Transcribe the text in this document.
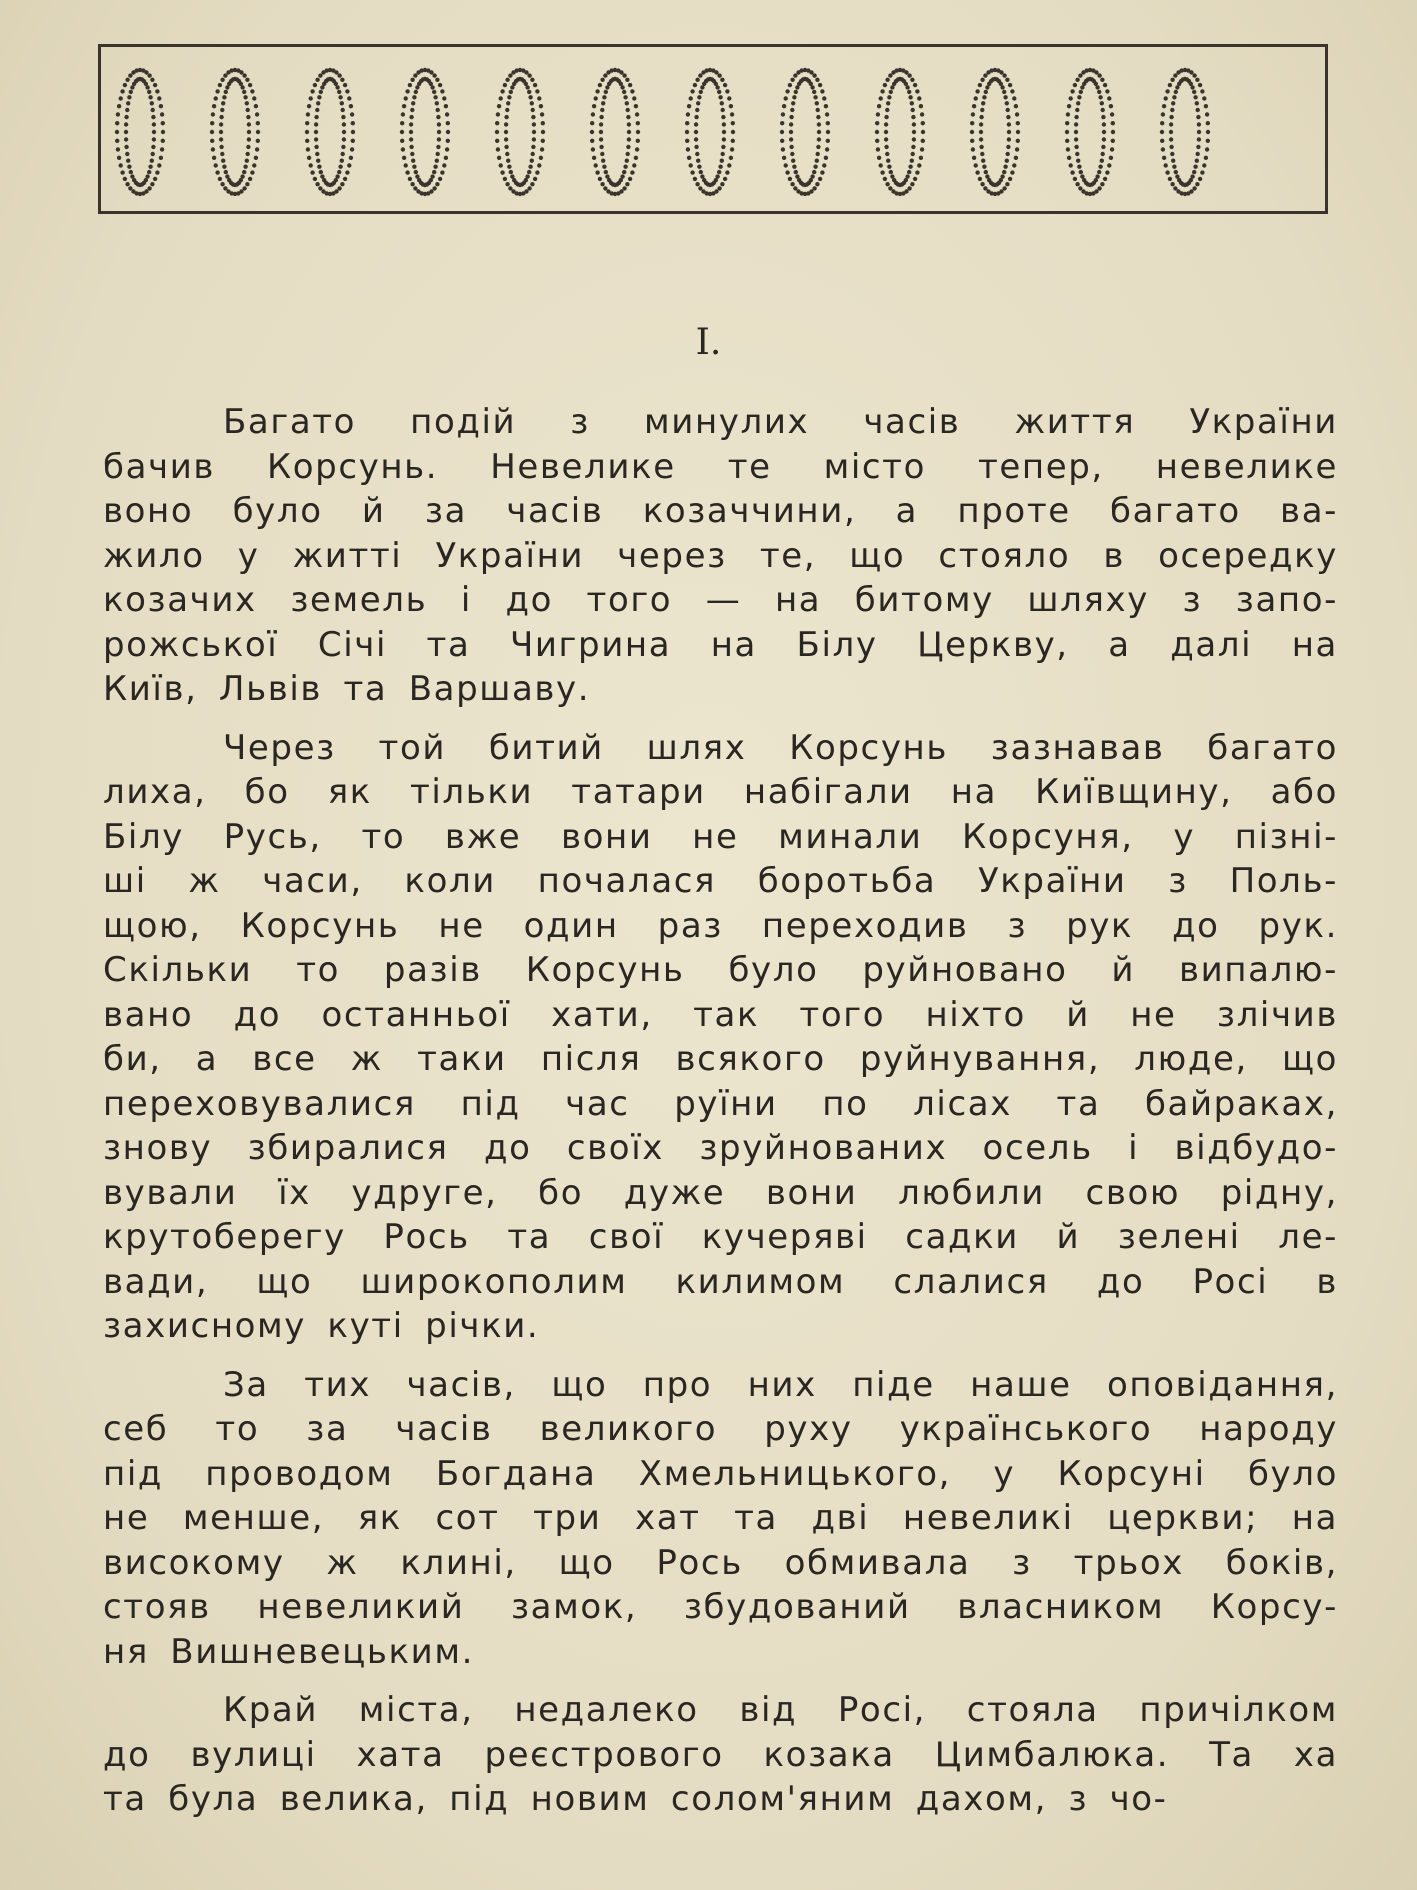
I.
Багато подій з минулих часів життя України
бачив Корсунь. Невелике те місто тепер, невелике
воно було й за часів козаччини, а проте багато ва-
жило у житті України через те, що стояло в осередку
козачих земель і до того — на битому шляху з запо-
рожської Січі та Чигрина на Білу Церкву, а далі на
Київ, Львів та Варшаву.
Через той битий шлях Корсунь зазнавав багато
лиха, бо як тільки татари набігали на Київщину, або
Білу Русь, то вже вони не минали Корсуня, у пізні-
ші ж часи, коли почалася боротьба України з Поль-
щою, Корсунь не один раз переходив з рук до рук.
Скільки то разів Корсунь було руйновано й випалю-
вано до останньої хати, так того ніхто й не злічив
би, а все ж таки після всякого руйнування, люде, що
переховувалися під час руїни по лісах та байраках,
знову збиралися до своїх зруйнованих осель і відбудо-
вували їх удруге, бо дуже вони любили свою рідну,
крутоберегу Рось та свої кучеряві садки й зелені ле-
вади, що широкополим килимом слалися до Росі в
захисному куті річки.
За тих часів, що про них піде наше оповідання,
себ то за часів великого руху українського народу
під проводом Богдана Хмельницького, у Корсуні було
не менше, як сот три хат та дві невеликі церкви; на
високому ж клині, що Рось обмивала з трьох боків,
стояв невеликий замок, збудований власником Корсу-
ня Вишневецьким.
Край міста, недалеко від Росі, стояла причілком
до вулиці хата реєстрового козака Цимбалюка. Та ха
та була велика, під новим солом'яним дахом, з чо-
